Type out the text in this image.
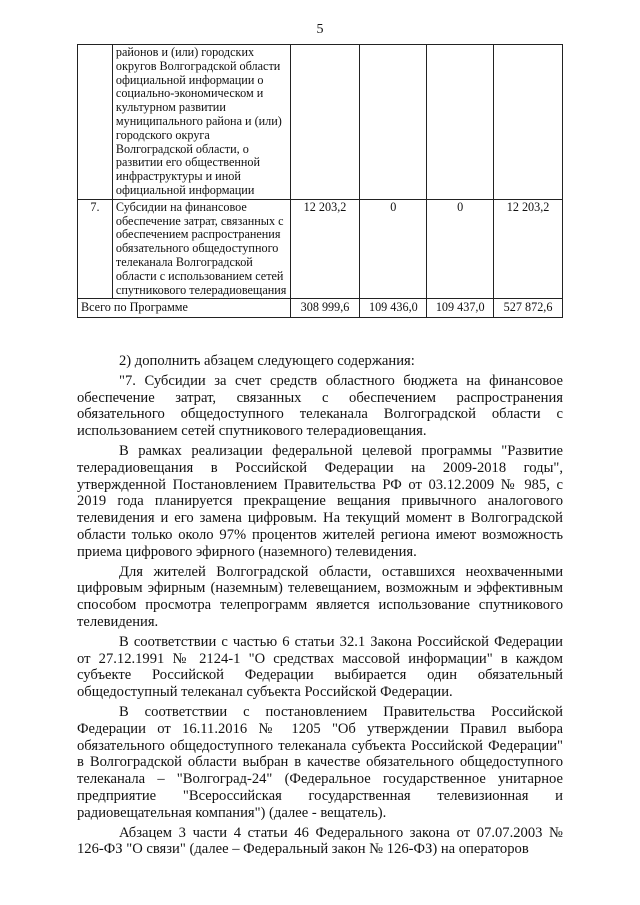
5
	районов и (или) городских округов Волгоградской области официальной информации о социально-экономическом и культурном развитии муниципального района и (или) городского округа Волгоградской области, о развитии его общественной инфраструктуры и иной официальной информации				
7.	Субсидии на финансовое обеспечение затрат, связанных с обеспечением распространения обязательного общедоступного телеканала Волгоградской области с использованием сетей спутникового телерадиовещания	12 203,2	0	0	12 203,2
Всего по Программе		308 999,6	109 436,0	109 437,0	527 872,6

2) дополнить абзацем следующего содержания:

"7. Субсидии за счет средств областного бюджета на финансовое обеспечение затрат, связанных с обеспечением распространения обязательного общедоступного телеканала Волгоградской области с использованием сетей спутникового телерадиовещания.

В рамках реализации федеральной целевой программы "Развитие телерадиовещания в Российской Федерации на 2009-2018 годы", утвержденной Постановлением Правительства РФ от 03.12.2009 № 985, с 2019 года планируется прекращение вещания привычного аналогового телевидения и его замена цифровым. На текущий момент в Волгоградской области только около 97% процентов жителей региона имеют возможность приема цифрового эфирного (наземного) телевидения.

Для жителей Волгоградской области, оставшихся неохваченными цифровым эфирным (наземным) телевещанием, возможным и эффективным способом просмотра телепрограмм является использование спутникового телевидения.

В соответствии с частью 6 статьи 32.1 Закона Российской Федерации от 27.12.1991 № 2124-1 "О средствах массовой информации" в каждом субъекте Российской Федерации выбирается один обязательный общедоступный телеканал субъекта Российской Федерации.

В соответствии с постановлением Правительства Российской Федерации от 16.11.2016 № 1205 "Об утверждении Правил выбора обязательного общедоступного телеканала субъекта Российской Федерации" в Волгоградской области выбран в качестве обязательного общедоступного телеканала – "Волгоград-24" (Федеральное государственное унитарное предприятие "Всероссийская государственная телевизионная и радиовещательная компания") (далее - вещатель).

Абзацем 3 части 4 статьи 46 Федерального закона от 07.07.2003 № 126-ФЗ "О связи" (далее – Федеральный закон № 126-ФЗ) на операторов
